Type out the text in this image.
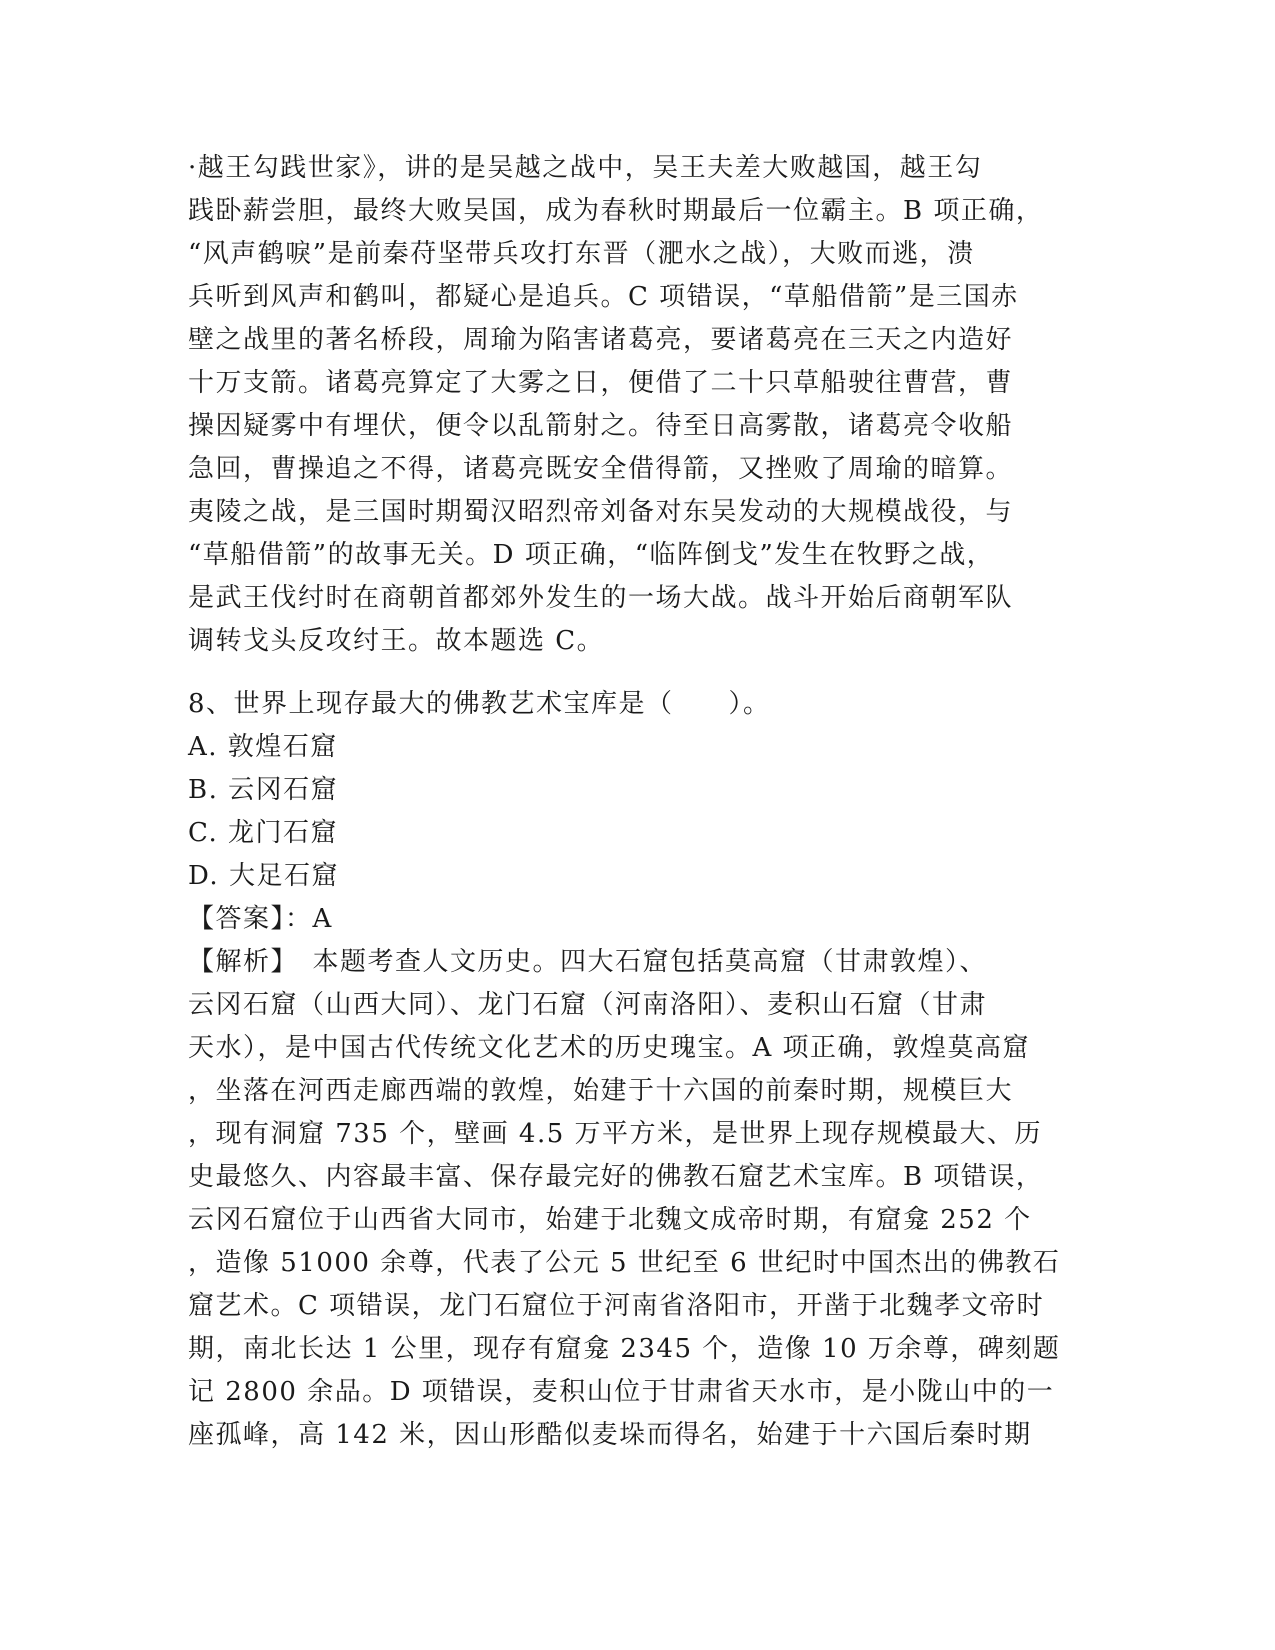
·越王勾践世家》，讲的是吴越之战中，吴王夫差大败越国，越王勾
践卧薪尝胆，最终大败吴国，成为春秋时期最后一位霸主。B 项正确，
“风声鹤唳”是前秦苻坚带兵攻打东晋（淝水之战），大败而逃，溃
兵听到风声和鹤叫，都疑心是追兵。C 项错误，“草船借箭”是三国赤
壁之战里的著名桥段，周瑜为陷害诸葛亮，要诸葛亮在三天之内造好
十万支箭。诸葛亮算定了大雾之日，便借了二十只草船驶往曹营，曹
操因疑雾中有埋伏，便令以乱箭射之。待至日高雾散，诸葛亮令收船
急回，曹操追之不得，诸葛亮既安全借得箭，又挫败了周瑜的暗算。
夷陵之战，是三国时期蜀汉昭烈帝刘备对东吴发动的大规模战役，与
“草船借箭”的故事无关。D 项正确，“临阵倒戈”发生在牧野之战，
是武王伐纣时在商朝首都郊外发生的一场大战。战斗开始后商朝军队
调转戈头反攻纣王。故本题选 C。
8、世界上现存最大的佛教艺术宝库是（　　）。
A. 敦煌石窟
B. 云冈石窟
C. 龙门石窟
D. 大足石窟
【答案】：A
【解析】　本题考查人文历史。四大石窟包括莫高窟（甘肃敦煌）、
云冈石窟（山西大同）、龙门石窟（河南洛阳）、麦积山石窟（甘肃
天水），是中国古代传统文化艺术的历史瑰宝。A 项正确，敦煌莫高窟
，坐落在河西走廊西端的敦煌，始建于十六国的前秦时期，规模巨大
，现有洞窟 735 个，壁画 4.5 万平方米，是世界上现存规模最大、历
史最悠久、内容最丰富、保存最完好的佛教石窟艺术宝库。B 项错误，
云冈石窟位于山西省大同市，始建于北魏文成帝时期，有窟龛 252 个
，造像 51000 余尊，代表了公元 5 世纪至 6 世纪时中国杰出的佛教石
窟艺术。C 项错误，龙门石窟位于河南省洛阳市，开凿于北魏孝文帝时
期，南北长达 1 公里，现存有窟龛 2345 个，造像 10 万余尊，碑刻题
记 2800 余品。D 项错误，麦积山位于甘肃省天水市，是小陇山中的一
座孤峰，高 142 米，因山形酷似麦垛而得名，始建于十六国后秦时期
